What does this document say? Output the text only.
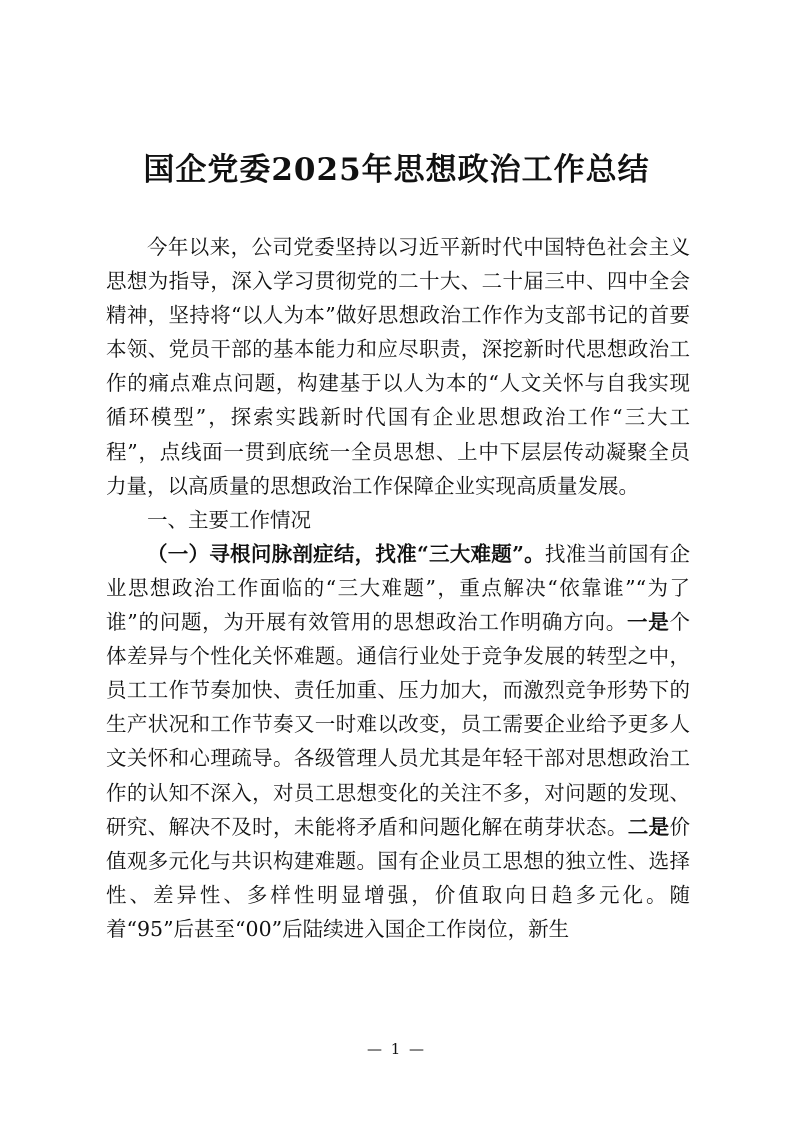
国企党委2025年思想政治工作总结

今年以来，公司党委坚持以习近平新时代中国特色社会主义思想为指导，深入学习贯彻党的二十大、二十届三中、四中全会精神，坚持将“以人为本”做好思想政治工作作为支部书记的首要本领、党员干部的基本能力和应尽职责，深挖新时代思想政治工作的痛点难点问题，构建基于以人为本的“人文关怀与自我实现循环模型”，探索实践新时代国有企业思想政治工作“三大工程”，点线面一贯到底统一全员思想、上中下层层传动凝聚全员力量，以高质量的思想政治工作保障企业实现高质量发展。

一、主要工作情况

（一）寻根问脉剖症结，找准“三大难题”。找准当前国有企业思想政治工作面临的“三大难题”，重点解决“依靠谁”“为了谁”的问题，为开展有效管用的思想政治工作明确方向。一是个体差异与个性化关怀难题。通信行业处于竞争发展的转型之中，员工工作节奏加快、责任加重、压力加大，而激烈竞争形势下的生产状况和工作节奏又一时难以改变，员工需要企业给予更多人文关怀和心理疏导。各级管理人员尤其是年轻干部对思想政治工作的认知不深入，对员工思想变化的关注不多，对问题的发现、研究、解决不及时，未能将矛盾和问题化解在萌芽状态。二是价值观多元化与共识构建难题。国有企业员工思想的独立性、选择性、差异性、多样性明显增强，价值取向日趋多元化。随着“95”后甚至“00”后陆续进入国企工作岗位，新生

— 1 —
